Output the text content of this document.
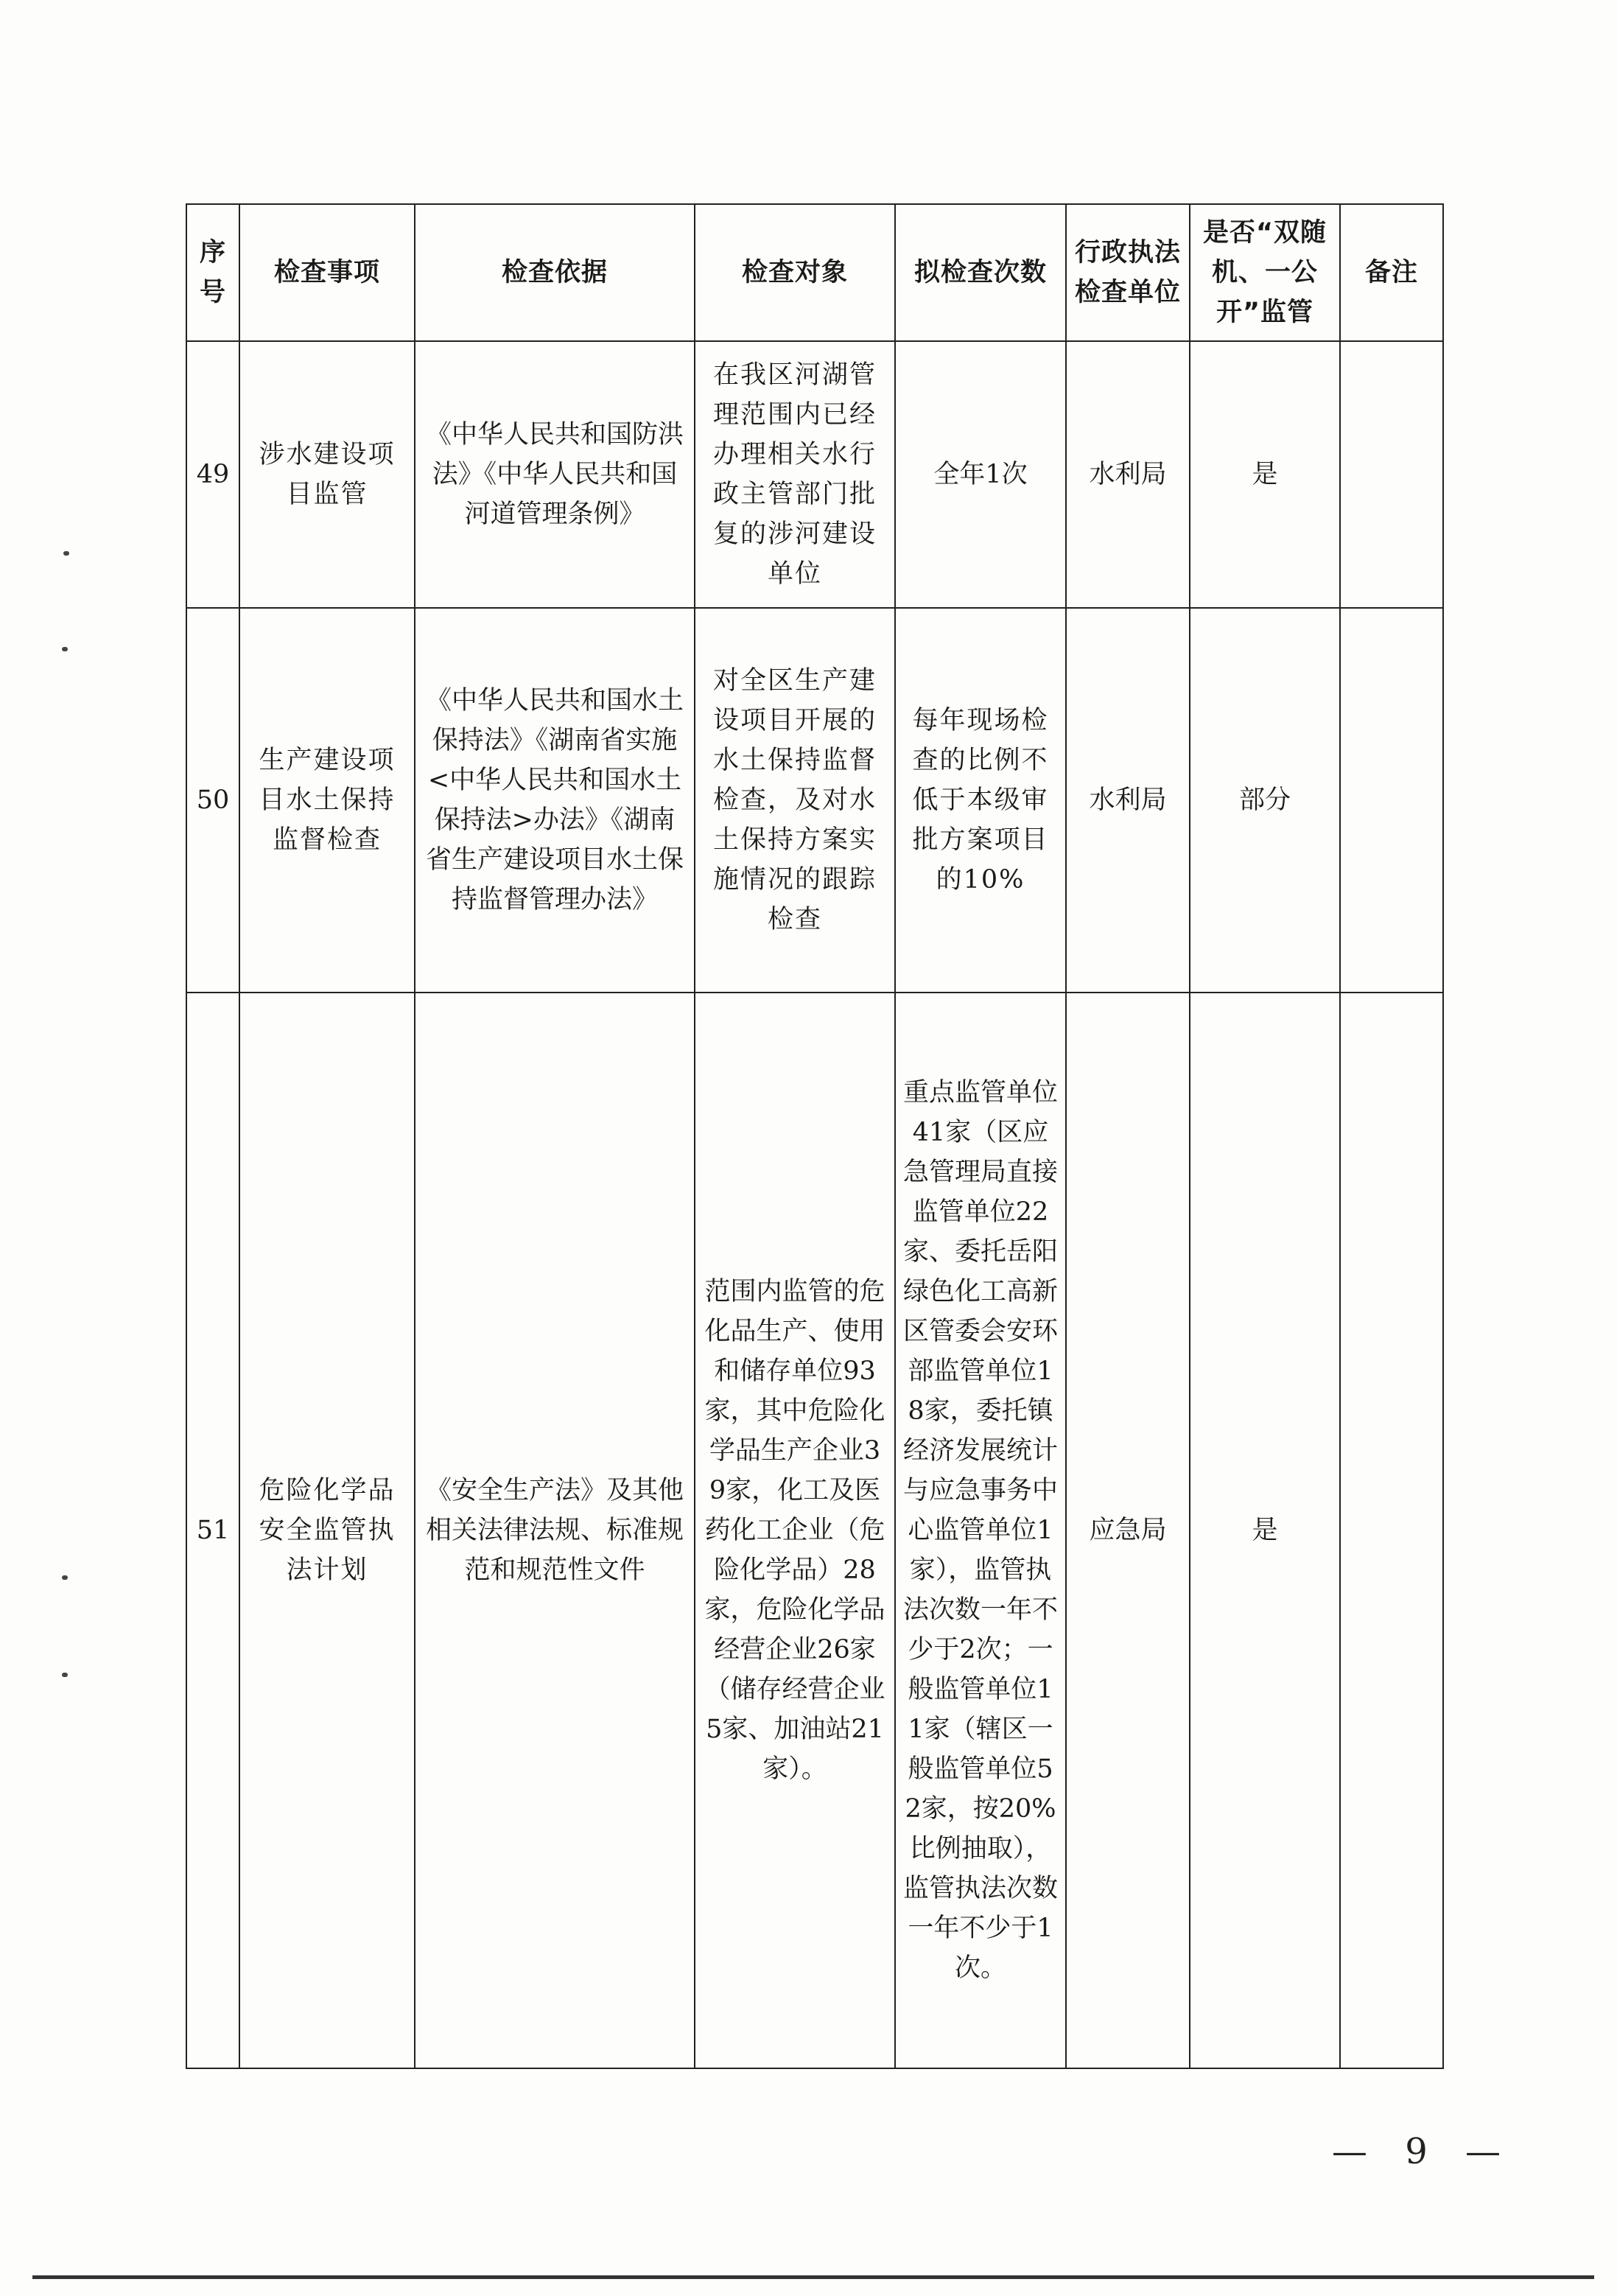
序号	检查事项	检查依据	检查对象	拟检查次数	行政执法检查单位	是否“双随机、一公开”监管	备注
49	涉水建设项目监管	《中华人民共和国防洪法》《中华人民共和国河道管理条例》	在我区河湖管理范围内已经办理相关水行政主管部门批复的涉河建设单位	全年1次	水利局	是	
50	生产建设项目水土保持监督检查	《中华人民共和国水土保持法》《湖南省实施<中华人民共和国水土保持法>办法》《湖南省生产建设项目水土保持监督管理办法》	对全区生产建设项目开展的水土保持监督检查，及对水土保持方案实施情况的跟踪检查	每年现场检查的比例不低于本级审批方案项目的10%	水利局	部分	
51	危险化学品安全监管执法计划	《安全生产法》及其他相关法律法规、标准规范和规范性文件	范围内监管的危化品生产、使用和储存单位93家，其中危险化学品生产企业39家，化工及医药化工企业（危险化学品）28家，危险化学品经营企业26家（储存经营企业5家、加油站21家）。	重点监管单位41家（区应急管理局直接监管单位22家、委托岳阳绿色化工高新区管委会安环部监管单位18家，委托镇经济发展统计与应急事务中心监管单位1家），监管执法次数一年不少于2次；一般监管单位11家（辖区一般监管单位52家，按20%比例抽取），监管执法次数一年不少于1次。	应急局	是	
— 9 —
